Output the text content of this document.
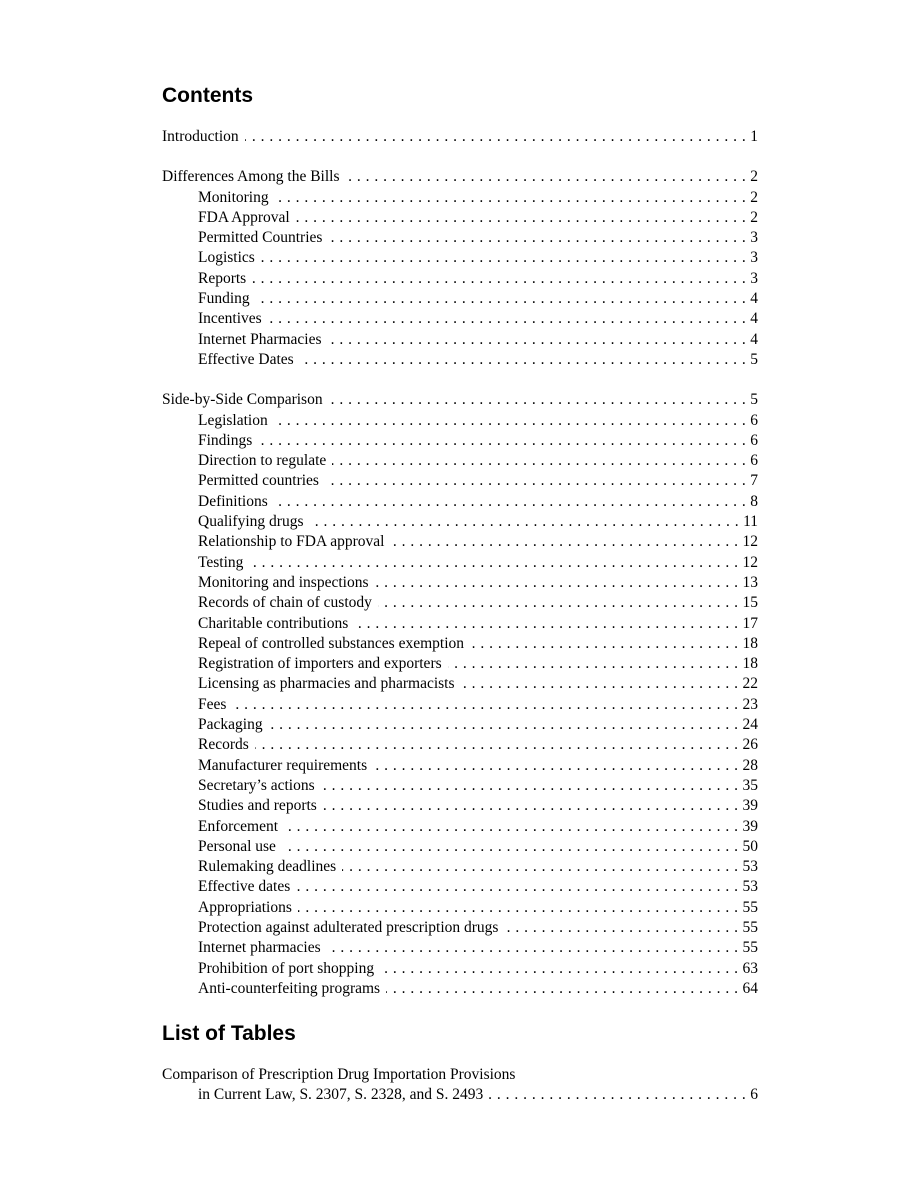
Contents
Introduction . . .	1
Differences Among the Bills . . .	2
Monitoring . . .	2
FDA Approval . . .	2
Permitted Countries . . .	3
Logistics . . .	3
Reports . . .	3
Funding . . .	4
Incentives . . .	4
Internet Pharmacies . . .	4
Effective Dates . . .	5
Side-by-Side Comparison . . .	5
Legislation . . .	6
Findings . . .	6
Direction to regulate . . .	6
Permitted countries . . .	7
Definitions . . .	8
Qualifying drugs . . .	11
Relationship to FDA approval . . .	12
Testing . . .	12
Monitoring and inspections . . .	13
Records of chain of custody . . .	15
Charitable contributions . . .	17
Repeal of controlled substances exemption . . .	18
Registration of importers and exporters . . .	18
Licensing as pharmacies and pharmacists . . .	22
Fees . . .	23
Packaging . . .	24
Records . . .	26
Manufacturer requirements . . .	28
Secretary’s actions . . .	35
Studies and reports . . .	39
Enforcement . . .	39
Personal use . . .	50
Rulemaking deadlines . . .	53
Effective dates . . .	53
Appropriations . . .	55
Protection against adulterated prescription drugs . . .	55
Internet pharmacies . . .	55
Prohibition of port shopping . . .	63
Anti-counterfeiting programs . . .	64
List of Tables
Comparison of Prescription Drug Importation Provisions
in Current Law, S. 2307, S. 2328, and S. 2493 . . .	6
